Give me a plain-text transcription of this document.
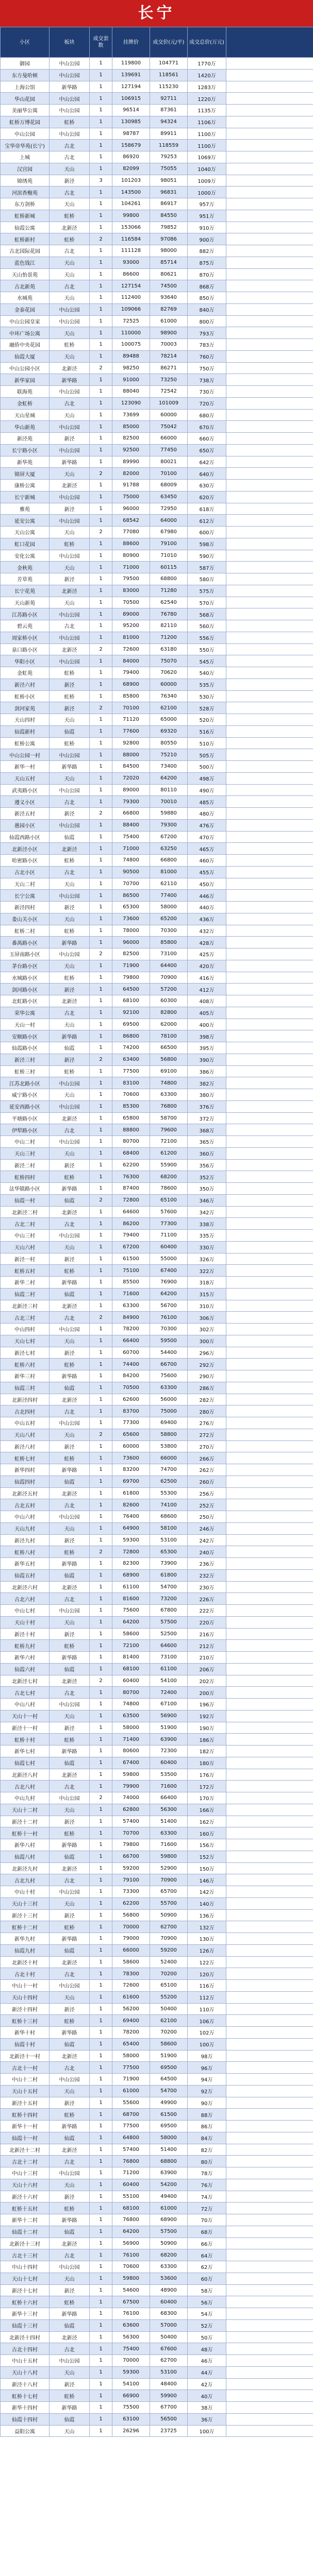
长宁
小区	板块	成交套数	挂牌价	成交价(元/平)	成交总价(万元)	
御园	中山公园	1	119800	104771	1770万	
东方曼哈顿	中山公园	1	139691	118561	1420万	
上海公馆	新华路	1	127194	115230	1283万	
华山花园	中山公园	1	106915	92711	1220万	
美丽华公寓	中山公园	1	96514	87361	1135万	
虹桥万博花园	虹桥	1	130985	94324	1106万	
中山公园	中山公园	1	98787	89911	1100万	
宝华帝华苑(长宁)	古北	1	158679	118559	1100万	
上城	古北	1	86920	79253	1069万	
汉宫园	天山	1	82099	75055	1040万	
锦绣苑	新泾	3	101203	98051	1009万	
河滨香榭苑	古北	1	143500	96831	1000万	
东方剑桥	天山	1	104261	86917	957万	
虹桥新城	虹桥	1	99800	84550	951万	
仙霞公寓	北新泾	1	153066	79852	910万	
虹桥新村	虹桥	2	116584	97086	900万	
古北国际花园	古北	1	111128	98000	882万	
蓝色钱江	天山	1	93000	85714	875万	
天山怡景苑	天山	1	86600	80621	870万	
古北新苑	古北	1	127154	74500	868万	
水城苑	天山	1	112400	93640	850万	
金泰花园	中山公园	1	109066	82769	840万	
中山公园皇家	中山公园	1	72525	61000	800万	
中环广场公寓	天山	1	110000	98900	793万	
融侨中央花园	虹桥	1	100075	70003	783万	
仙霞大厦	天山	1	89488	78214	760万	
中山公园小区	北新泾	2	98250	86271	750万	
新华家园	新华路	1	91000	73250	738万	
联海苑	中山公园	1	88040	72542	730万	
金虹桥	古北	1	123090	101009	720万	
天山星城	天山	1	73699	60000	680万	
华山新苑	中山公园	1	85000	75042	670万	
新泾苑	新泾	1	82500	66000	660万	
长宁路小区	中山公园	1	92500	77450	650万	
新华苑	新华路	1	89990	80021	642万	
锦屏大厦	天山	2	82000	70100	640万	
康桥公寓	北新泾	1	91788	68009	630万	
长宁新城	中山公园	1	75000	63450	620万	
雅苑	新泾	1	96000	72950	618万	
延安公寓	中山公园	1	68542	64000	612万	
天山公寓	天山	2	77080	67980	600万	
虹口花园	虹桥	1	88600	79100	598万	
安化公寓	中山公园	1	80900	71010	590万	
金秋苑	天山	1	71000	60115	587万	
芳草苑	新泾	1	79500	68800	580万	
长宁花苑	北新泾	1	83000	71280	575万	
天山新苑	天山	1	70500	62540	570万	
江苏路小区	中山公园	1	89000	76780	568万	
碧云苑	古北	1	95200	82110	560万	
周家桥小区	中山公园	1	81000	71200	556万	
泉口路小区	北新泾	2	72600	63180	550万	
华阳小区	中山公园	1	84000	75070	545万	
金虹苑	虹桥	1	79400	70620	540万	
新泾六村	新泾	1	68900	60000	535万	
虹桥小区	虹桥	1	85800	76340	530万	
剑河家苑	新泾	2	70100	62100	528万	
天山四村	天山	1	71120	65000	520万	
仙霞新村	仙霞	1	77600	69320	516万	
虹桥公寓	虹桥	1	92800	80550	510万	
中山公园一村	中山公园	1	88000	75210	505万	
新华一村	新华路	1	84500	73400	500万	
天山五村	天山	1	72020	64200	498万	
武夷路小区	中山公园	1	89000	80110	490万	
遵义小区	古北	1	79300	70010	485万	
新泾五村	新泾	2	66800	59880	480万	
愚园小区	中山公园	1	88400	79300	476万	
仙霞西路小区	仙霞	1	75400	67200	470万	
北新泾小区	北新泾	1	71000	63250	465万	
哈密路小区	虹桥	1	74800	66800	460万	
古北小区	古北	1	90500	81000	455万	
天山二村	天山	1	70700	62110	450万	
长宁公寓	中山公园	1	86500	77400	446万	
新泾四村	新泾	1	65300	58000	440万	
娄山关小区	天山	1	73600	65200	436万	
虹桥二村	虹桥	1	78000	70300	432万	
番禺路小区	新华路	1	96000	85800	428万	
玉屏南路小区	中山公园	2	82500	73100	425万	
茅台路小区	天山	1	71900	64400	420万	
水城路小区	虹桥	1	79800	70900	416万	
剑河路小区	新泾	1	64500	57200	412万	
北虹路小区	北新泾	1	68100	60300	408万	
荣华公寓	古北	1	92100	82800	405万	
天山一村	天山	1	69500	62000	400万	
安顺路小区	新华路	1	86800	78100	398万	
仙霞路小区	仙霞	1	74200	66500	395万	
新泾三村	新泾	2	63400	56800	390万	
虹桥三村	虹桥	1	77500	69100	386万	
江苏北路小区	中山公园	1	83100	74800	382万	
威宁路小区	天山	1	70600	63300	380万	
延安西路小区	中山公园	1	85300	76800	376万	
平塘路小区	北新泾	1	65800	58700	372万	
伊犁路小区	古北	1	88800	79600	368万	
中山二村	中山公园	1	80700	72100	365万	
天山三村	天山	1	68400	61200	360万	
新泾二村	新泾	1	62200	55900	356万	
虹桥四村	虹桥	1	76300	68200	352万	
法华镇路小区	新华路	1	87400	78600	350万	
仙霞一村	仙霞	2	72800	65100	346万	
北新泾二村	北新泾	1	64600	57600	342万	
古北二村	古北	1	86200	77300	338万	
中山三村	中山公园	1	79400	71100	335万	
天山六村	天山	1	67200	60400	330万	
新泾一村	新泾	1	61500	55000	326万	
虹桥五村	虹桥	1	75100	67400	322万	
新华二村	新华路	1	85500	76900	318万	
仙霞二村	仙霞	1	71600	64200	315万	
北新泾三村	北新泾	1	63300	56700	310万	
古北三村	古北	2	84900	76100	306万	
中山四村	中山公园	1	78200	70300	302万	
天山七村	天山	1	66400	59500	300万	
新泾七村	新泾	1	60700	54400	296万	
虹桥六村	虹桥	1	74400	66700	292万	
新华三村	新华路	1	84200	75600	290万	
仙霞三村	仙霞	1	70500	63300	286万	
北新泾四村	北新泾	1	62600	56000	282万	
古北四村	古北	1	83700	75000	280万	
中山五村	中山公园	1	77300	69400	276万	
天山八村	天山	2	65600	58800	272万	
新泾八村	新泾	1	60000	53800	270万	
虹桥七村	虹桥	1	73600	66000	266万	
新华四村	新华路	1	83200	74700	262万	
仙霞四村	仙霞	1	69700	62500	260万	
北新泾五村	北新泾	1	61800	55300	256万	
古北五村	古北	1	82600	74100	252万	
中山六村	中山公园	1	76400	68600	250万	
天山九村	天山	1	64900	58100	246万	
新泾九村	新泾	1	59300	53100	242万	
虹桥八村	虹桥	2	72800	65300	240万	
新华五村	新华路	1	82300	73900	236万	
仙霞五村	仙霞	1	68900	61800	232万	
北新泾六村	北新泾	1	61100	54700	230万	
古北六村	古北	1	81600	73200	226万	
中山七村	中山公园	1	75600	67800	222万	
天山十村	天山	1	64200	57500	220万	
新泾十村	新泾	1	58600	52500	216万	
虹桥九村	虹桥	1	72100	64600	212万	
新华六村	新华路	1	81400	73100	210万	
仙霞六村	仙霞	1	68100	61100	206万	
北新泾七村	北新泾	2	60400	54100	202万	
古北七村	古北	1	80700	72400	200万	
中山八村	中山公园	1	74800	67100	196万	
天山十一村	天山	1	63500	56900	192万	
新泾十一村	新泾	1	58000	51900	190万	
虹桥十村	虹桥	1	71400	63900	186万	
新华七村	新华路	1	80600	72300	182万	
仙霞七村	仙霞	1	67400	60400	180万	
北新泾八村	北新泾	1	59800	53500	176万	
古北八村	古北	1	79900	71600	172万	
中山九村	中山公园	2	74000	66400	170万	
天山十二村	天山	1	62800	56300	166万	
新泾十二村	新泾	1	57400	51400	162万	
虹桥十一村	虹桥	1	70700	63300	160万	
新华八村	新华路	1	79800	71600	156万	
仙霞八村	仙霞	1	66700	59800	152万	
北新泾九村	北新泾	1	59200	52900	150万	
古北九村	古北	1	79100	70900	146万	
中山十村	中山公园	1	73300	65700	142万	
天山十三村	天山	1	62200	55700	140万	
新泾十三村	新泾	1	56800	50900	136万	
虹桥十二村	虹桥	1	70000	62700	132万	
新华九村	新华路	1	79000	70900	130万	
仙霞九村	仙霞	1	66000	59200	126万	
北新泾十村	北新泾	1	58600	52400	122万	
古北十村	古北	1	78300	70200	120万	
中山十一村	中山公园	1	72600	65100	116万	
天山十四村	天山	1	61600	55200	112万	
新泾十四村	新泾	1	56200	50400	110万	
虹桥十三村	虹桥	1	69400	62100	106万	
新华十村	新华路	1	78200	70200	102万	
仙霞十村	仙霞	1	65400	58600	100万	
北新泾十一村	北新泾	1	58000	51900	98万	
古北十一村	古北	1	77500	69500	96万	
中山十二村	中山公园	1	71900	64500	94万	
天山十五村	天山	1	61000	54700	92万	
新泾十五村	新泾	1	55600	49900	90万	
虹桥十四村	虹桥	1	68700	61500	88万	
新华十一村	新华路	1	77500	69500	86万	
仙霞十一村	仙霞	1	64800	58000	84万	
北新泾十二村	北新泾	1	57400	51400	82万	
古北十二村	古北	1	76800	68800	80万	
中山十三村	中山公园	1	71200	63900	78万	
天山十六村	天山	1	60400	54200	76万	
新泾十六村	新泾	1	55100	49400	74万	
虹桥十五村	虹桥	1	68100	61000	72万	
新华十二村	新华路	1	76800	68900	70万	
仙霞十二村	仙霞	1	64200	57500	68万	
北新泾十三村	北新泾	1	56900	50900	66万	
古北十三村	古北	1	76100	68200	64万	
中山十四村	中山公园	1	70600	63300	62万	
天山十七村	天山	1	59800	53600	60万	
新泾十七村	新泾	1	54600	48900	58万	
虹桥十六村	虹桥	1	67500	60400	56万	
新华十三村	新华路	1	76100	68300	54万	
仙霞十三村	仙霞	1	63600	57000	52万	
北新泾十四村	北新泾	1	56300	50400	50万	
古北十四村	古北	1	75400	67600	48万	
中山十五村	中山公园	1	70000	62700	46万	
天山十八村	天山	1	59300	53100	44万	
新泾十八村	新泾	1	54100	48400	42万	
虹桥十七村	虹桥	1	66900	59900	40万	
新华十四村	新华路	1	75500	67700	38万	
仙霞十四村	仙霞	1	63100	56500	36万	
益阳公寓	天山	1	26296	23725	100万	
